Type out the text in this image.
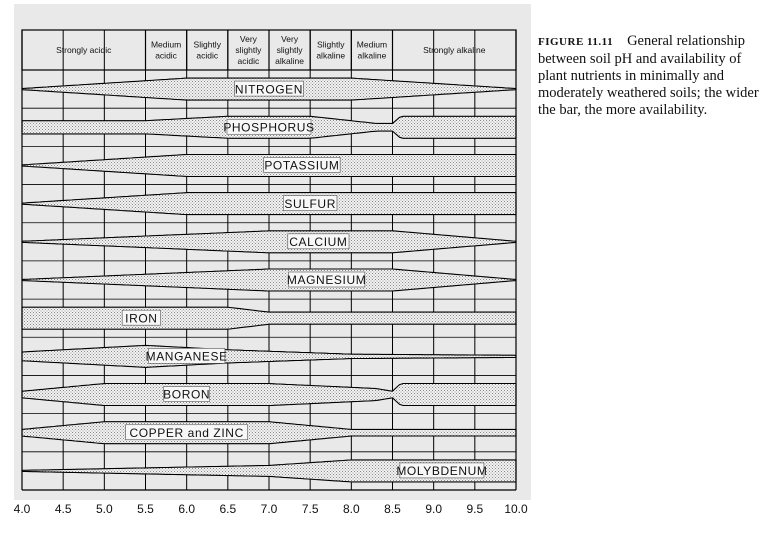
Strongly acidic
Medium
acidic
Slightly
acidic
Very
slightly
acidic
Very
slightly
alkaline
Slightly
alkaline
Medium
alkaline
Strongly alkaline
NITROGEN
PHOSPHORUS
POTASSIUM
SULFUR
CALCIUM
MAGNESIUM
IRON
MANGANESE
BORON
COPPER and ZINC
MOLYBDENUM
4.0 4.5 5.0 5.5 6.0 6.5 7.0 7.5 8.0 8.5 9.0 9.5 10.0
FIGURE 11.11 General relationship between soil pH and availability of plant nutrients in minimally and moderately weathered soils; the wider the bar, the more availability.
